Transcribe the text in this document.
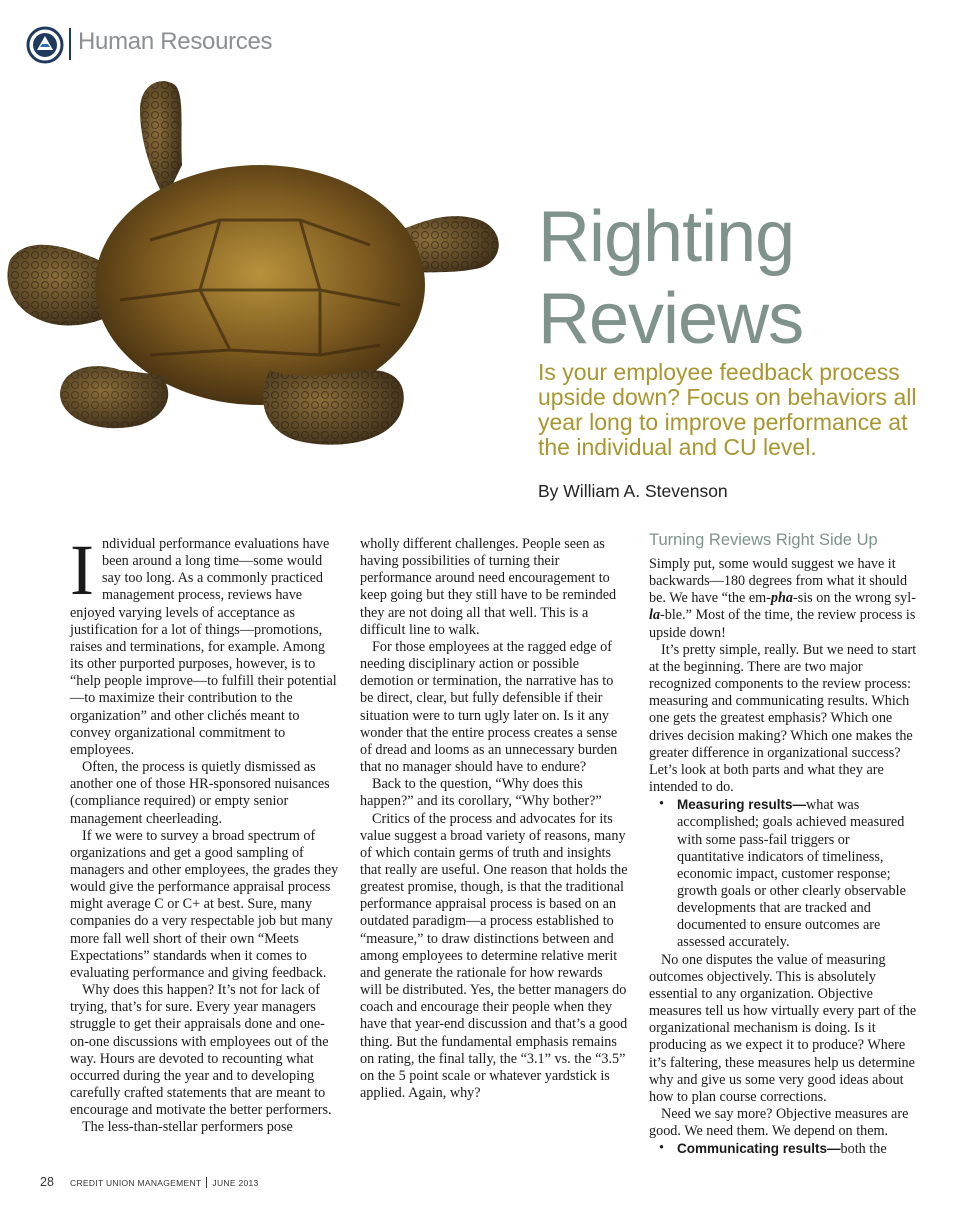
Human Resources
Righting
Reviews
Is your employee feedback process upside down? Focus on behaviors all year long to improve performance at the individual and CU level.
By William A. Stevenson

Individual performance evaluations have been around a long time—some would say too long. As a commonly practiced management process, reviews have enjoyed varying levels of acceptance as justification for a lot of things—promotions, raises and terminations, for example. Among its other purported purposes, however, is to “help people improve—to fulfill their potential—to maximize their contribution to the organization” and other clichés meant to convey organizational commitment to employees.

Often, the process is quietly dismissed as another one of those HR-sponsored nuisances (compliance required) or empty senior management cheerleading.

If we were to survey a broad spectrum of organizations and get a good sampling of managers and other employees, the grades they would give the performance appraisal process might average C or C+ at best. Sure, many companies do a very respectable job but many more fall well short of their own “Meets Expectations” standards when it comes to evaluating performance and giving feedback.

Why does this happen? It’s not for lack of trying, that’s for sure. Every year managers struggle to get their appraisals done and one-on-one discussions with employees out of the way. Hours are devoted to recounting what occurred during the year and to developing carefully crafted statements that are meant to encourage and motivate the better performers.

The less-than-stellar performers pose

wholly different challenges. People seen as having possibilities of turning their performance around need encouragement to keep going but they still have to be reminded they are not doing all that well. This is a difficult line to walk.

For those employees at the ragged edge of needing disciplinary action or possible demotion or termination, the narrative has to be direct, clear, but fully defensible if their situation were to turn ugly later on. Is it any wonder that the entire process creates a sense of dread and looms as an unnecessary burden that no manager should have to endure?

Back to the question, “Why does this happen?” and its corollary, “Why bother?”

Critics of the process and advocates for its value suggest a broad variety of reasons, many of which contain germs of truth and insights that really are useful. One reason that holds the greatest promise, though, is that the traditional performance appraisal process is based on an outdated paradigm—a process established to “measure,” to draw distinctions between and among employees to determine relative merit and generate the rationale for how rewards will be distributed. Yes, the better managers do coach and encourage their people when they have that year-end discussion and that’s a good thing. But the fundamental emphasis remains on rating, the final tally, the “3.1” vs. the “3.5” on the 5 point scale or whatever yardstick is applied. Again, why?

Turning Reviews Right Side Up

Simply put, some would suggest we have it backwards—180 degrees from what it should be. We have “the em-pha-sis on the wrong syl-la-ble.” Most of the time, the review process is upside down!

It’s pretty simple, really. But we need to start at the beginning. There are two major recognized components to the review process: measuring and communicating results. Which one gets the greatest emphasis? Which one drives decision making? Which one makes the greater difference in organizational success? Let’s look at both parts and what they are intended to do.

• Measuring results—what was accomplished; goals achieved measured with some pass-fail triggers or quantitative indicators of timeliness, economic impact, customer response; growth goals or other clearly observable developments that are tracked and documented to ensure outcomes are assessed accurately.

No one disputes the value of measuring outcomes objectively. This is absolutely essential to any organization. Objective measures tell us how virtually every part of the organizational mechanism is doing. Is it producing as we expect it to produce? Where it’s faltering, these measures help us determine why and give us some very good ideas about how to plan course corrections.

Need we say more? Objective measures are good. We need them. We depend on them.

• Communicating results—both the

28 CREDIT UNION MANAGEMENT JUNE 2013
